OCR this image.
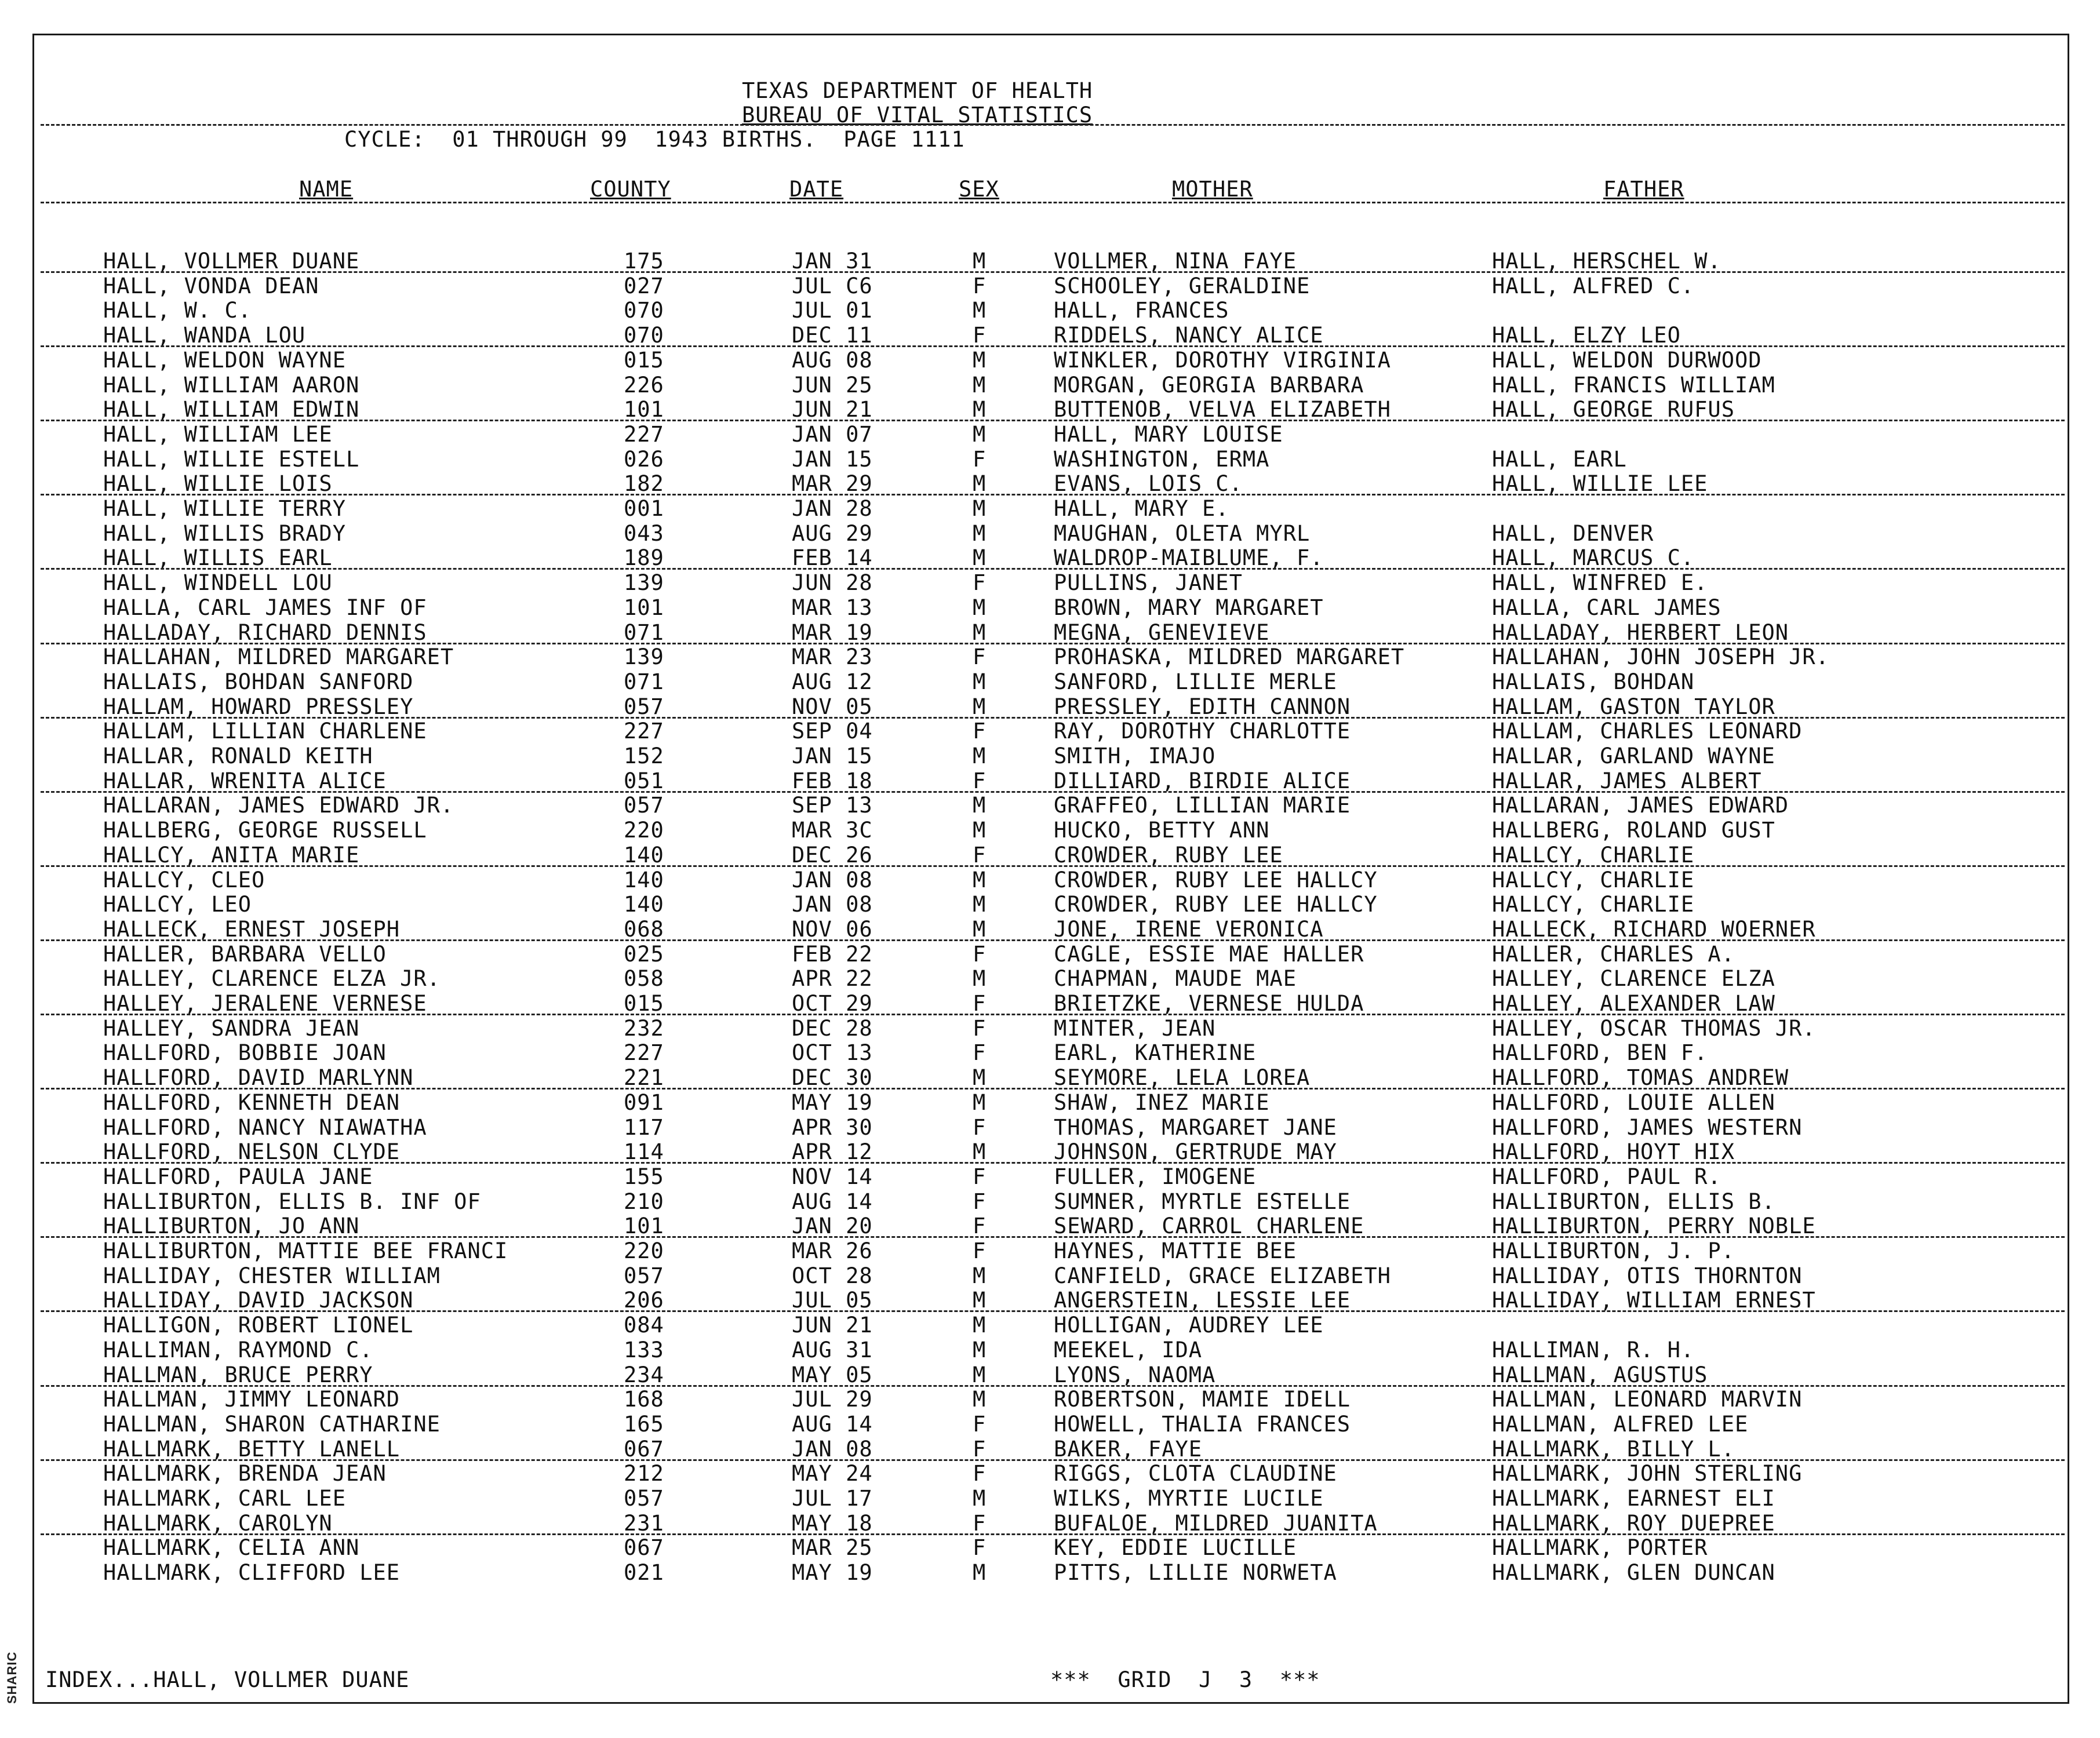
SHARIC
TEXAS DEPARTMENT OF HEALTH
BUREAU OF VITAL STATISTICS
CYCLE:  01 THROUGH 99  1943 BIRTHS.  PAGE 1111
NAME	COUNTY	DATE	SEX	MOTHER	FATHER
HALL, VOLLMER DUANE	175	JAN 31	M	VOLLMER, NINA FAYE	HALL, HERSCHEL W.
HALL, VONDA DEAN	027	JUL C6	F	SCHOOLEY, GERALDINE	HALL, ALFRED C.
HALL, W. C.	070	JUL 01	M	HALL, FRANCES
HALL, WANDA LOU	070	DEC 11	F	RIDDELS, NANCY ALICE	HALL, ELZY LEO
HALL, WELDON WAYNE	015	AUG 08	M	WINKLER, DOROTHY VIRGINIA	HALL, WELDON DURWOOD
HALL, WILLIAM AARON	226	JUN 25	M	MORGAN, GEORGIA BARBARA	HALL, FRANCIS WILLIAM
HALL, WILLIAM EDWIN	101	JUN 21	M	BUTTENOB, VELVA ELIZABETH	HALL, GEORGE RUFUS
HALL, WILLIAM LEE	227	JAN 07	M	HALL, MARY LOUISE
HALL, WILLIE ESTELL	026	JAN 15	F	WASHINGTON, ERMA	HALL, EARL
HALL, WILLIE LOIS	182	MAR 29	M	EVANS, LOIS C.	HALL, WILLIE LEE
HALL, WILLIE TERRY	001	JAN 28	M	HALL, MARY E.
HALL, WILLIS BRADY	043	AUG 29	M	MAUGHAN, OLETA MYRL	HALL, DENVER
HALL, WILLIS EARL	189	FEB 14	M	WALDROP-MAIBLUME, F.	HALL, MARCUS C.
HALL, WINDELL LOU	139	JUN 28	F	PULLINS, JANET	HALL, WINFRED E.
HALLA, CARL JAMES INF OF	101	MAR 13	M	BROWN, MARY MARGARET	HALLA, CARL JAMES
HALLADAY, RICHARD DENNIS	071	MAR 19	M	MEGNA, GENEVIEVE	HALLADAY, HERBERT LEON
HALLAHAN, MILDRED MARGARET	139	MAR 23	F	PROHASKA, MILDRED MARGARET	HALLAHAN, JOHN JOSEPH JR.
HALLAIS, BOHDAN SANFORD	071	AUG 12	M	SANFORD, LILLIE MERLE	HALLAIS, BOHDAN
HALLAM, HOWARD PRESSLEY	057	NOV 05	M	PRESSLEY, EDITH CANNON	HALLAM, GASTON TAYLOR
HALLAM, LILLIAN CHARLENE	227	SEP 04	F	RAY, DOROTHY CHARLOTTE	HALLAM, CHARLES LEONARD
HALLAR, RONALD KEITH	152	JAN 15	M	SMITH, IMAJO	HALLAR, GARLAND WAYNE
HALLAR, WRENITA ALICE	051	FEB 18	F	DILLIARD, BIRDIE ALICE	HALLAR, JAMES ALBERT
HALLARAN, JAMES EDWARD JR.	057	SEP 13	M	GRAFFEO, LILLIAN MARIE	HALLARAN, JAMES EDWARD
HALLBERG, GEORGE RUSSELL	220	MAR 3C	M	HUCKO, BETTY ANN	HALLBERG, ROLAND GUST
HALLCY, ANITA MARIE	140	DEC 26	F	CROWDER, RUBY LEE	HALLCY, CHARLIE
HALLCY, CLEO	140	JAN 08	M	CROWDER, RUBY LEE HALLCY	HALLCY, CHARLIE
HALLCY, LEO	140	JAN 08	M	CROWDER, RUBY LEE HALLCY	HALLCY, CHARLIE
HALLECK, ERNEST JOSEPH	068	NOV 06	M	JONE, IRENE VERONICA	HALLECK, RICHARD WOERNER
HALLER, BARBARA VELLO	025	FEB 22	F	CAGLE, ESSIE MAE HALLER	HALLER, CHARLES A.
HALLEY, CLARENCE ELZA JR.	058	APR 22	M	CHAPMAN, MAUDE MAE	HALLEY, CLARENCE ELZA
HALLEY, JERALENE VERNESE	015	OCT 29	F	BRIETZKE, VERNESE HULDA	HALLEY, ALEXANDER LAW
HALLEY, SANDRA JEAN	232	DEC 28	F	MINTER, JEAN	HALLEY, OSCAR THOMAS JR.
HALLFORD, BOBBIE JOAN	227	OCT 13	F	EARL, KATHERINE	HALLFORD, BEN F.
HALLFORD, DAVID MARLYNN	221	DEC 30	M	SEYMORE, LELA LOREA	HALLFORD, TOMAS ANDREW
HALLFORD, KENNETH DEAN	091	MAY 19	M	SHAW, INEZ MARIE	HALLFORD, LOUIE ALLEN
HALLFORD, NANCY NIAWATHA	117	APR 30	F	THOMAS, MARGARET JANE	HALLFORD, JAMES WESTERN
HALLFORD, NELSON CLYDE	114	APR 12	M	JOHNSON, GERTRUDE MAY	HALLFORD, HOYT HIX
HALLFORD, PAULA JANE	155	NOV 14	F	FULLER, IMOGENE	HALLFORD, PAUL R.
HALLIBURTON, ELLIS B. INF OF	210	AUG 14	F	SUMNER, MYRTLE ESTELLE	HALLIBURTON, ELLIS B.
HALLIBURTON, JO ANN	101	JAN 20	F	SEWARD, CARROL CHARLENE	HALLIBURTON, PERRY NOBLE
HALLIBURTON, MATTIE BEE FRANCI	220	MAR 26	F	HAYNES, MATTIE BEE	HALLIBURTON, J. P.
HALLIDAY, CHESTER WILLIAM	057	OCT 28	M	CANFIELD, GRACE ELIZABETH	HALLIDAY, OTIS THORNTON
HALLIDAY, DAVID JACKSON	206	JUL 05	M	ANGERSTEIN, LESSIE LEE	HALLIDAY, WILLIAM ERNEST
HALLIGON, ROBERT LIONEL	084	JUN 21	M	HOLLIGAN, AUDREY LEE
HALLIMAN, RAYMOND C.	133	AUG 31	M	MEEKEL, IDA	HALLIMAN, R. H.
HALLMAN, BRUCE PERRY	234	MAY 05	M	LYONS, NAOMA	HALLMAN, AGUSTUS
HALLMAN, JIMMY LEONARD	168	JUL 29	M	ROBERTSON, MAMIE IDELL	HALLMAN, LEONARD MARVIN
HALLMAN, SHARON CATHARINE	165	AUG 14	F	HOWELL, THALIA FRANCES	HALLMAN, ALFRED LEE
HALLMARK, BETTY LANELL	067	JAN 08	F	BAKER, FAYE	HALLMARK, BILLY L.
HALLMARK, BRENDA JEAN	212	MAY 24	F	RIGGS, CLOTA CLAUDINE	HALLMARK, JOHN STERLING
HALLMARK, CARL LEE	057	JUL 17	M	WILKS, MYRTIE LUCILE	HALLMARK, EARNEST ELI
HALLMARK, CAROLYN	231	MAY 18	F	BUFALOE, MILDRED JUANITA	HALLMARK, ROY DUEPREE
HALLMARK, CELIA ANN	067	MAR 25	F	KEY, EDDIE LUCILLE	HALLMARK, PORTER
HALLMARK, CLIFFORD LEE	021	MAY 19	M	PITTS, LILLIE NORWETA	HALLMARK, GLEN DUNCAN
INDEX...HALL, VOLLMER DUANE	***  GRID  J  3  ***
